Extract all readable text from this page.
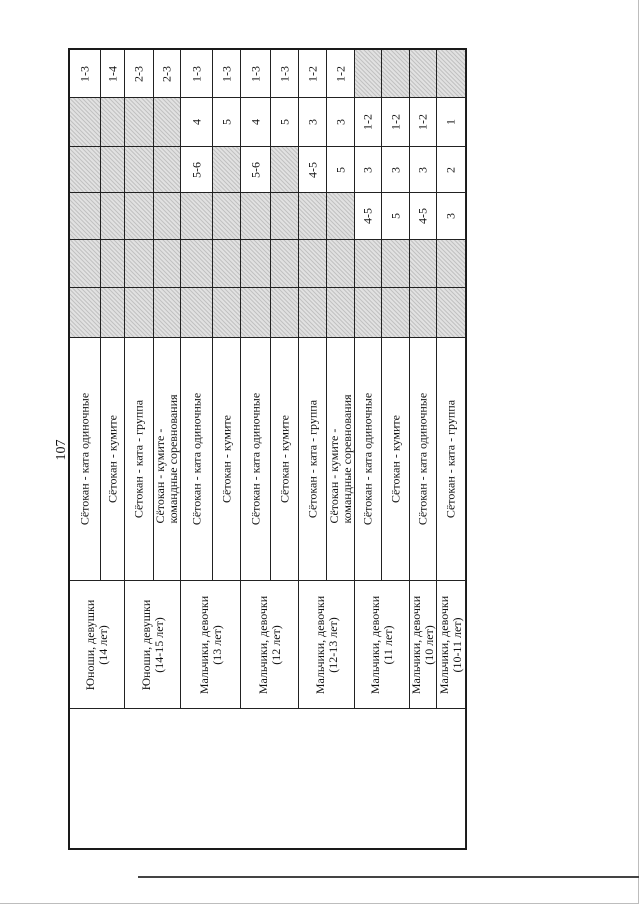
107
1-3
Сётокан - ката одиночные
1-4
Сётокан - кумите
Юноши, девушки (14 лет)
2-3
Сётокан - ката - группа
2-3
Сётокан - кумите - командные соревнования
Юноши, девушки (14-15 лет)
1-3
4
5-6
Сётокан - ката одиночные
1-3
5
Сётокан - кумите
Мальчики, девочки (13 лет)
1-3
4
5-6
Сётокан - ката одиночные
1-3
5
Сётокан - кумите
Мальчики, девочки (12 лет)
1-2
3
4-5
Сётокан - ката - группа
1-2
3
5
Сётокан - кумите - командные соревнования
Мальчики, девочки (12-13 лет)
1-2
3
4-5
Сётокан - ката одиночные
1-2
3
5
Сётокан - кумите
Мальчики, девочки (11 лет)
1-2
3
4-5
Сётокан - ката одиночные
Мальчики, девочки (10 лет)
1
2
3
Сётокан - ката - группа
Мальчики, девочки (10-11 лет)
